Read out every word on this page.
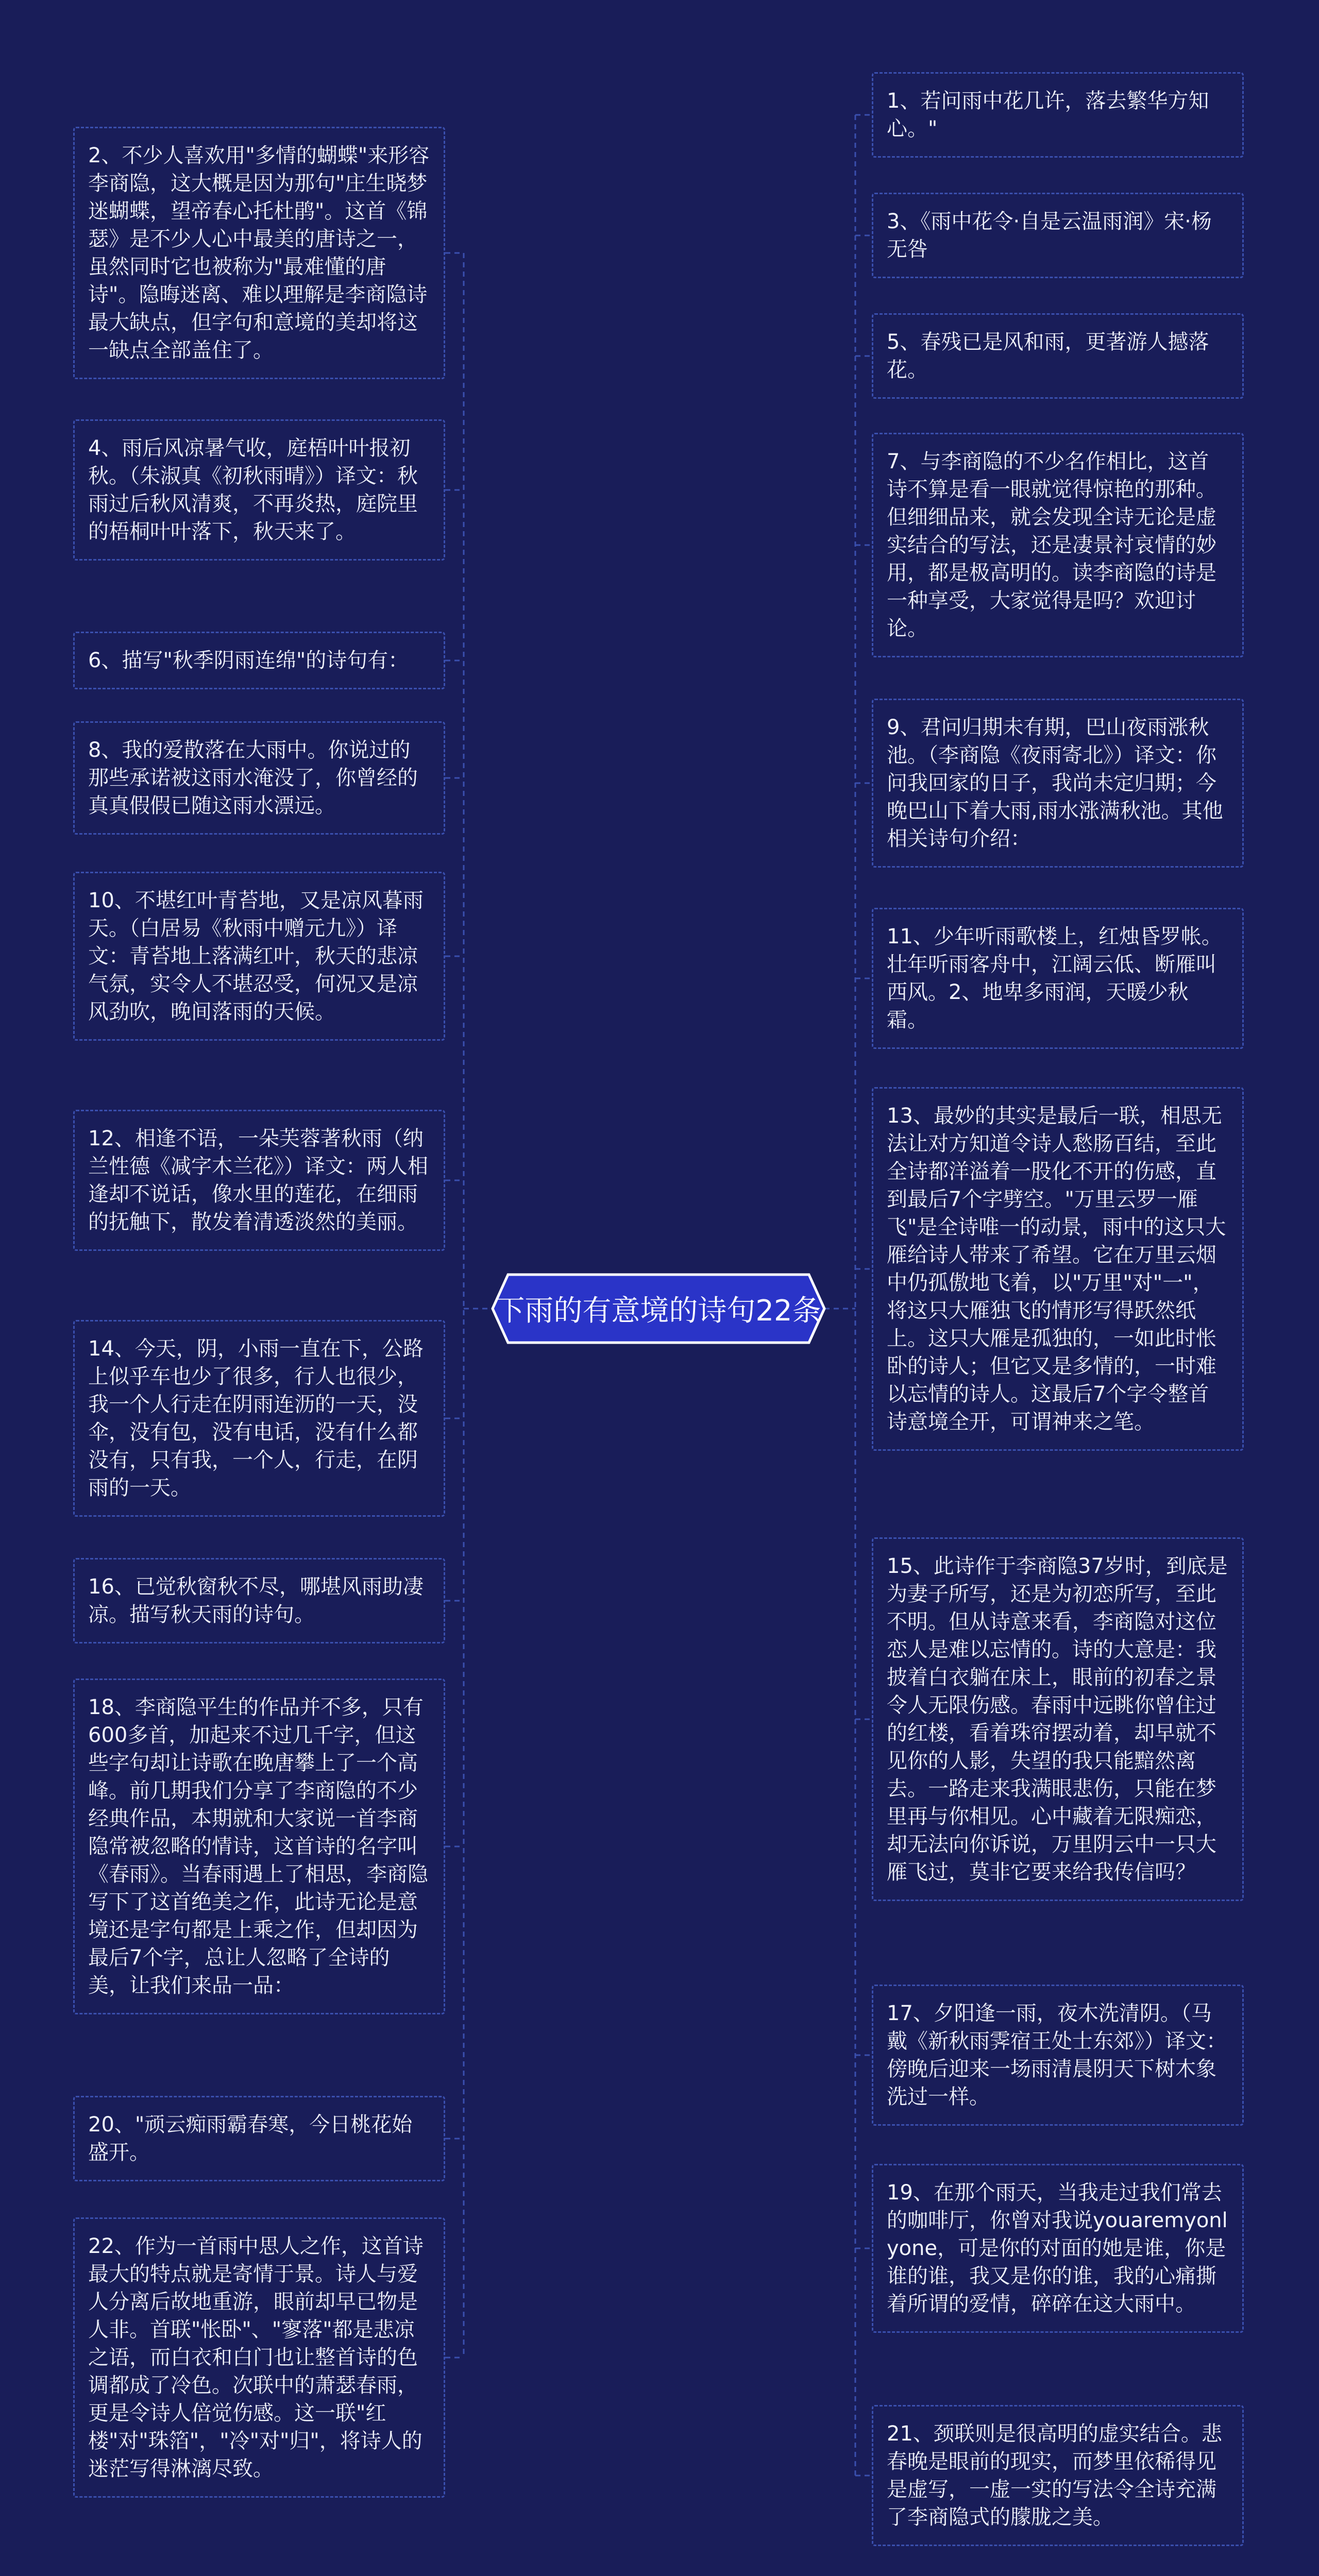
2、不少人喜欢用"多情的蝴蝶"来形容李商隐，这大概是因为那句"庄生晓梦迷蝴蝶，望帝春心托杜鹃"。这首《锦瑟》是不少人心中最美的唐诗之一，虽然同时它也被称为"最难懂的唐诗"。隐晦迷离、难以理解是李商隐诗最大缺点，但字句和意境的美却将这一缺点全部盖住了。
4、雨后风凉暑气收，庭梧叶叶报初秋。（朱淑真《初秋雨晴》）译文：秋雨过后秋风清爽，不再炎热，庭院里的梧桐叶叶落下，秋天来了。
6、描写"秋季阴雨连绵"的诗句有：
8、我的爱散落在大雨中。你说过的那些承诺被这雨水淹没了，你曾经的真真假假已随这雨水漂远。
10、不堪红叶青苔地，又是凉风暮雨天。（白居易《秋雨中赠元九》）译文：青苔地上落满红叶，秋天的悲凉气氛，实令人不堪忍受，何况又是凉风劲吹，晚间落雨的天候。
12、相逢不语，一朵芙蓉著秋雨（纳兰性德《减字木兰花》）译文：两人相逢却不说话，像水里的莲花，在细雨的抚触下，散发着清透淡然的美丽。
14、今天，阴，小雨一直在下，公路上似乎车也少了很多，行人也很少，我一个人行走在阴雨连沥的一天，没伞，没有包，没有电话，没有什么都没有，只有我，一个人，行走，在阴雨的一天。
16、已觉秋窗秋不尽，哪堪风雨助凄凉。描写秋天雨的诗句。
18、李商隐平生的作品并不多，只有600多首，加起来不过几千字，但这些字句却让诗歌在晚唐攀上了一个高峰。前几期我们分享了李商隐的不少经典作品，本期就和大家说一首李商隐常被忽略的情诗，这首诗的名字叫《春雨》。当春雨遇上了相思，李商隐写下了这首绝美之作，此诗无论是意境还是字句都是上乘之作，但却因为最后7个字，总让人忽略了全诗的美，让我们来品一品：
20、"顽云痴雨霸春寒，今日桃花始盛开。
22、作为一首雨中思人之作，这首诗最大的特点就是寄情于景。诗人与爱人分离后故地重游，眼前却早已物是人非。首联"怅卧"、"寥落"都是悲凉之语，而白衣和白门也让整首诗的色调都成了冷色。次联中的萧瑟春雨，更是令诗人倍觉伤感。这一联"红楼"对"珠箔"，"冷"对"归"，将诗人的迷茫写得淋漓尽致。
1、若问雨中花几许，落去繁华方知心。"
3、《雨中花令·自是云温雨润》宋·杨无咎
5、春残已是风和雨，更著游人撼落花。
7、与李商隐的不少名作相比，这首诗不算是看一眼就觉得惊艳的那种。但细细品来，就会发现全诗无论是虚实结合的写法，还是凄景衬哀情的妙用，都是极高明的。读李商隐的诗是一种享受，大家觉得是吗？欢迎讨论。
9、君问归期未有期，巴山夜雨涨秋池。（李商隐《夜雨寄北》）译文：你问我回家的日子，我尚未定归期；今晚巴山下着大雨,雨水涨满秋池。其他相关诗句介绍：
11、少年听雨歌楼上，红烛昏罗帐。壮年听雨客舟中，江阔云低、断雁叫西风。2、地卑多雨润，天暖少秋霜。
13、最妙的其实是最后一联，相思无法让对方知道令诗人愁肠百结，至此全诗都洋溢着一股化不开的伤感，直到最后7个字劈空。"万里云罗一雁飞"是全诗唯一的动景，雨中的这只大雁给诗人带来了希望。它在万里云烟中仍孤傲地飞着，以"万里"对"一"，将这只大雁独飞的情形写得跃然纸上。这只大雁是孤独的，一如此时怅卧的诗人；但它又是多情的，一时难以忘情的诗人。这最后7个字令整首诗意境全开，可谓神来之笔。
15、此诗作于李商隐37岁时，到底是为妻子所写，还是为初恋所写，至此不明。但从诗意来看，李商隐对这位恋人是难以忘情的。诗的大意是：我披着白衣躺在床上，眼前的初春之景令人无限伤感。春雨中远眺你曾住过的红楼，看着珠帘摆动着，却早就不见你的人影，失望的我只能黯然离去。一路走来我满眼悲伤，只能在梦里再与你相见。心中藏着无限痴恋，却无法向你诉说，万里阴云中一只大雁飞过，莫非它要来给我传信吗？
17、夕阳逢一雨，夜木洗清阴。（马戴《新秋雨霁宿王处士东郊》）译文：傍晚后迎来一场雨清晨阴天下树木象洗过一样。
19、在那个雨天，当我走过我们常去的咖啡厅，你曾对我说youaremyonlyone，可是你的对面的她是谁，你是谁的谁，我又是你的谁，我的心痛撕着所谓的爱情，碎碎在这大雨中。
21、颈联则是很高明的虚实结合。悲春晚是眼前的现实，而梦里依稀得见是虚写，一虚一实的写法令全诗充满了李商隐式的朦胧之美。
下雨的有意境的诗句22条
